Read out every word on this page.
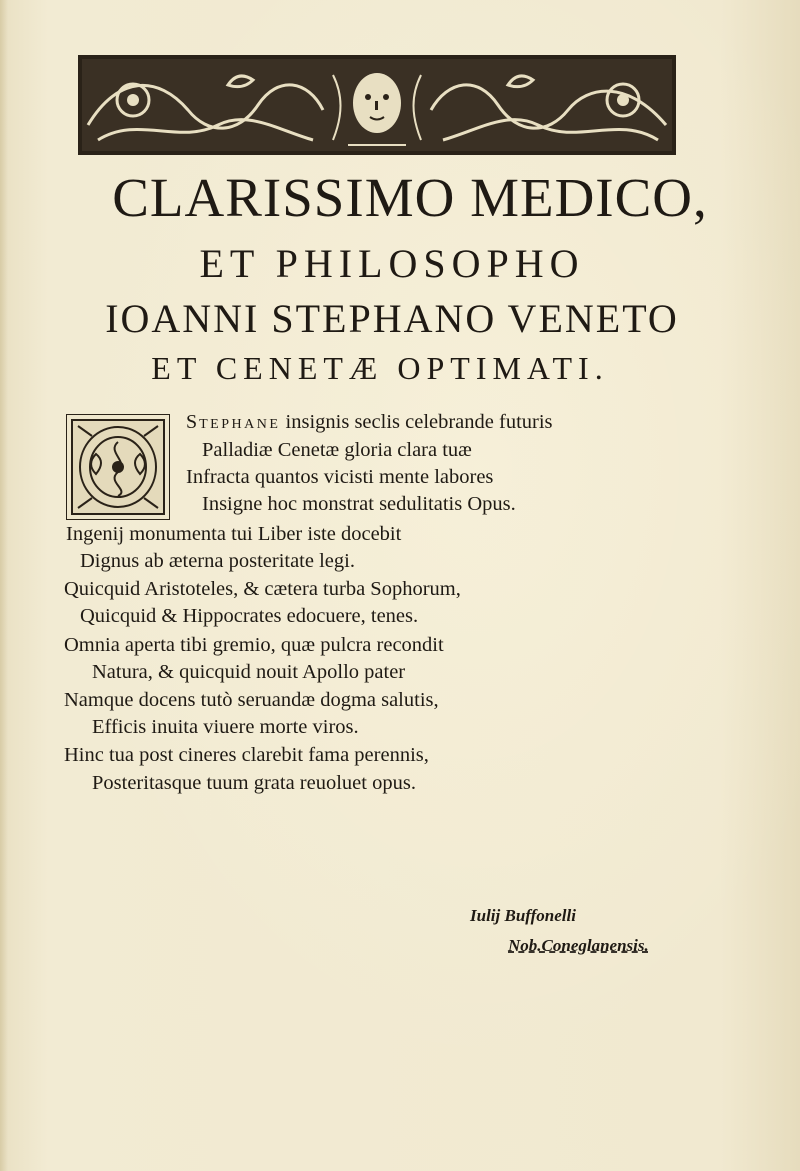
CLARISSIMO MEDICO,
ET PHILOSOPHO
IOANNI STEPHANO VENETO
ET CENETÆ OPTIMATI.
STEPHANE insignis seclis celebrande futuris
Palladiæ Cenetæ gloria clara tuæ
Infracta quantos vicisti mente labores
Insigne hoc monstrat sedulitatis Opus.
Ingenij monumenta tui Liber iste docebit
Dignus ab æterna posteritate legi.
Quicquid Aristoteles, & cætera turba Sophorum,
Quicquid & Hippocrates edocuere, tenes.
Omnia aperta tibi gremio, quæ pulcra recondit
Natura, & quicquid nouit Apollo pater
Namque docens tutò seruandæ dogma salutis,
Efficis inuita viuere morte viros.
Hinc tua post cineres clarebit fama perennis,
Posteritasque tuum grata reuoluet opus.
Iulij Buffonelli
Nob.Coneglanensis.
